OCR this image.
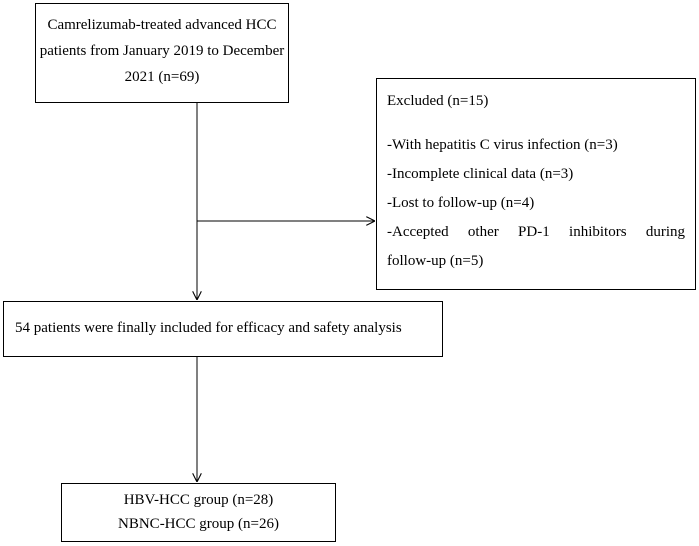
Camrelizumab-treated advanced HCC
patients from January 2019 to December
2021 (n=69)
Excluded (n=15)
-With hepatitis C virus infection (n=3)
-Incomplete clinical data (n=3)
-Lost to follow-up (n=4)
-Accepted other PD-1 inhibitors during
follow-up (n=5)
54 patients were finally included for efficacy and safety analysis
HBV-HCC group (n=28)
NBNC-HCC group (n=26)
